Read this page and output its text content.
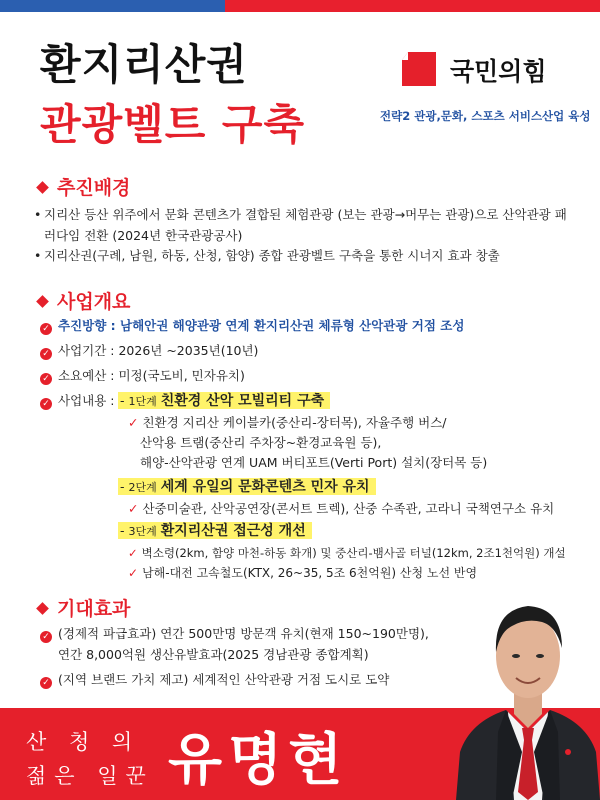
환지리산권
관광벨트 구축
국민의힘
전략2 관광,문화, 스포츠 서비스산업 육성
추진배경
• 지리산 등산 위주에서 문화 콘텐츠가 결합된 체험관광 (보는 관광→머무는 관광)으로 산악관광 패러다임 전환 (2024년 한국관광공사)
• 지리산권(구례, 남원, 하동, 산청, 함양) 종합 관광벨트 구축을 통한 시너지 효과 창출
사업개요
✓ 추진방향 : 남해안권 해양관광 연계 환지리산권 체류형 산악관광 거점 조성
✓ 사업기간 : 2026년 ~2035년(10년)
✓ 소요예산 : 미정(국도비, 민자유치)
✓ 사업내용 : - 1단계 친환경 산악 모빌리티 구축
✓ 친환경 지리산 케이블카(중산리-장터목), 자율주행 버스/
산악용 트램(중산리 주차장~환경교육원 등),
해양-산악관광 연계 UAM 버티포트(Verti Port) 설치(장터목 등)
- 2단계 세계 유일의 문화콘텐츠 민자 유치
✓ 산중미술관, 산악공연장(콘서트 트렉), 산중 수족관, 고라니 국책연구소 유치
- 3단계 환지리산권 접근성 개선
✓ 벽소령(2km, 함양 마천-하동 화개) 및 중산리-뱀사골 터널(12km, 2조1천억원) 개설
✓ 남해-대전 고속철도(KTX, 26~35, 5조 6천억원) 산청 노선 반영
기대효과
✓ (경제적 파급효과) 연간 500만명 방문객 유치(현재 150~190만명),
연간 8,000억원 생산유발효과(2025 경남관광 종합계획)
✓ (지역 브랜드 가치 제고) 세계적인 산악관광 거점 도시로 도약
산 청 의
젊은 일꾼 유명현
